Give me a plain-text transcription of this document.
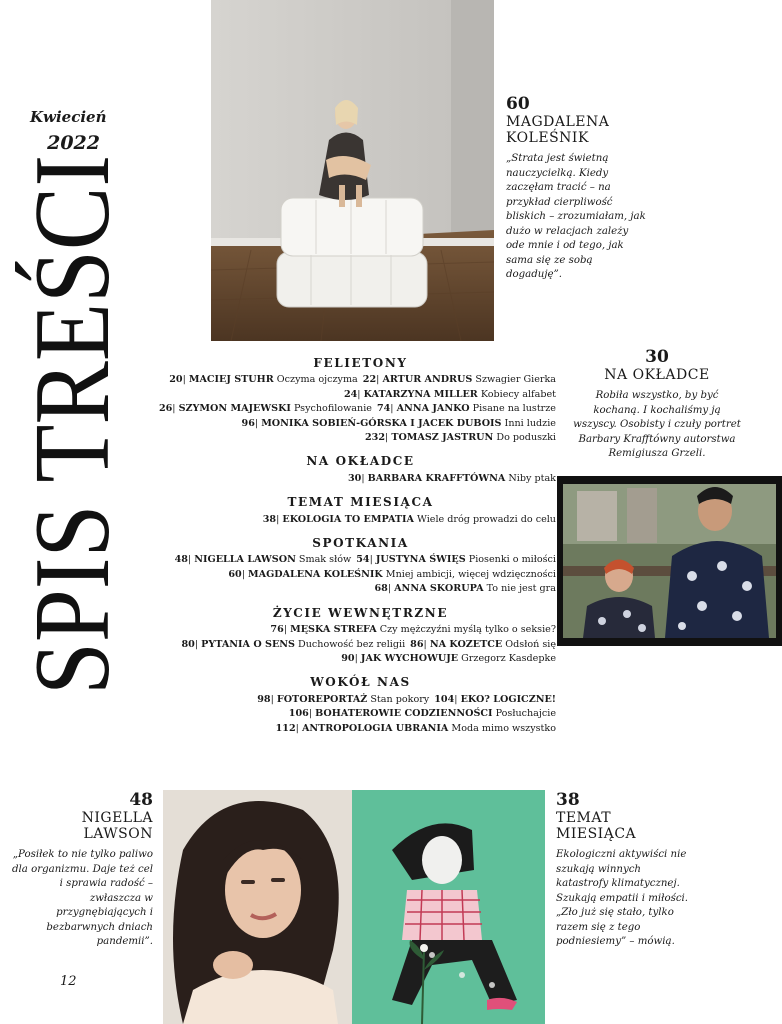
Kwiecień
2022
SPIS TREŚ
12
60
MAGDALENA
KOLEŚNIK
„Strata jest świetną nauczycielką. Kiedy zaczęłam tracić – na przykład cierpliwość bliskich – zrozumiałam, jak dużo w relacjach zależy ode mnie i od tego, jak sama się ze sobą dogaduję”.
30
NA OKŁADCE
Robiła wszystko, by być kochaną. I kochaliśmy ją wszyscy. Osobisty i czuły portret Barbary Krafftówny autorstwa Remigiusza Grzeli.
FELIETONY
20| MACIEJ STUHR Oczyma ojczyma 22| ARTUR ANDRUS Szwagier Gierka
24| KATARZYNA MILLER Kobiecy alfabet
26| SZYMON MAJEWSKI Psychofilowanie 74| ANNA JANKO Pisane na lustrze
96| MONIKA SOBIEŃ-GÓRSKA I JACEK DUBOIS Inni ludzie
232| TOMASZ JASTRUN Do poduszki
NA OKŁADCE
30| BARBARA KRAFFTÓWNA Niby ptak
TEMAT MIESIĄCA
38| EKOLOGIA TO EMPATIA Wiele dróg prowadzi do celu
SPOTKANIA
48| NIGELLA LAWSON Smak słów 54| JUSTYNA ŚWIĘS Piosenki o miłości
60| MAGDALENA KOLEŚNIK Mniej ambicji, więcej wdzięczności
68| ANNA SKORUPA To nie jest gra
ŻYCIE WEWNĘTRZNE
76| MĘSKA STREFA Czy mężczyźni myślą tylko o seksie?
80| PYTANIA O SENS Duchowość bez religii 86| NA KOZETCE Odsłoń się
90| JAK WYCHOWUJE Grzegorz Kasdepke
WOKÓŁ NAS
98| FOTOREPORTAŻ Stan pokory 104| EKO? LOGICZNE!
106| BOHATEROWIE CODZIENNOŚCI Posłuchajcie
112| ANTROPOLOGIA UBRANIA Moda mimo wszystko
48
NIGELLA
LAWSON
„Posiłek to nie tylko paliwo dla organizmu. Daje też cel i sprawia radość – zwłaszcza w przygnębiających i bezbarwnych dniach pandemii”.
38
TEMAT MIESIĄCA
Ekologiczni aktywiści nie szukają winnych katastrofy klimatycznej. Szukają empatii i miłości. „Zło już się stało, tylko razem się z tego podniesiemy” – mówią.
